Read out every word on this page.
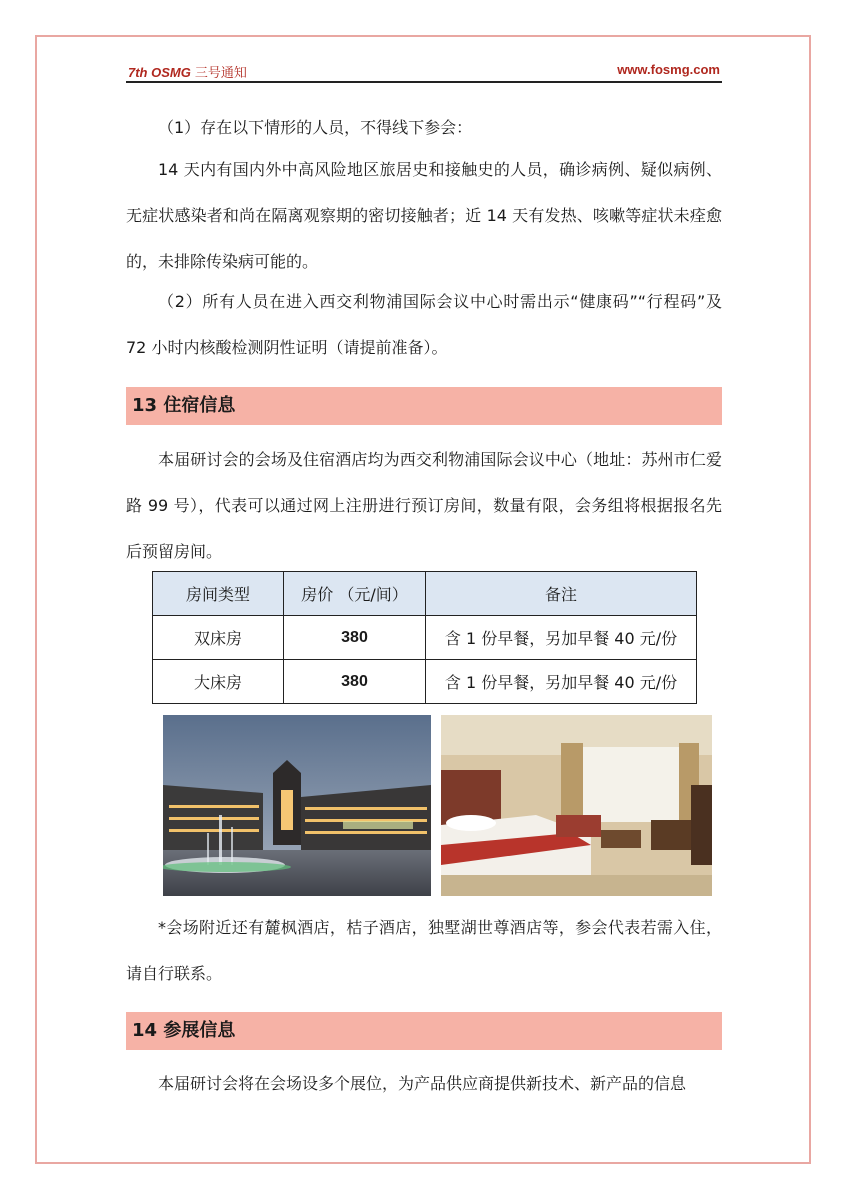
7th OSMG 三号通知	www.fosmg.com

（1）存在以下情形的人员，不得线下参会：

14 天内有国内外中高风险地区旅居史和接触史的人员，确诊病例、疑似病例、无症状感染者和尚在隔离观察期的密切接触者；近 14 天有发热、咳嗽等症状未痊愈的，未排除传染病可能的。

（2）所有人员在进入西交利物浦国际会议中心时需出示“健康码”“行程码”及 72 小时内核酸检测阴性证明（请提前准备）。

13 住宿信息

本届研讨会的会场及住宿酒店均为西交利物浦国际会议中心（地址：苏州市仁爱路 99 号），代表可以通过网上注册进行预订房间，数量有限，会务组将根据报名先后预留房间。

房间类型	房价 （元/间）	备注
双床房	380	含 1 份早餐，另加早餐 40 元/份
大床房	380	含 1 份早餐，另加早餐 40 元/份

*会场附近还有麓枫酒店，桔子酒店，独墅湖世尊酒店等，参会代表若需入住，请自行联系。

14 参展信息

本届研讨会将在会场设多个展位，为产品供应商提供新技术、新产品的信息
